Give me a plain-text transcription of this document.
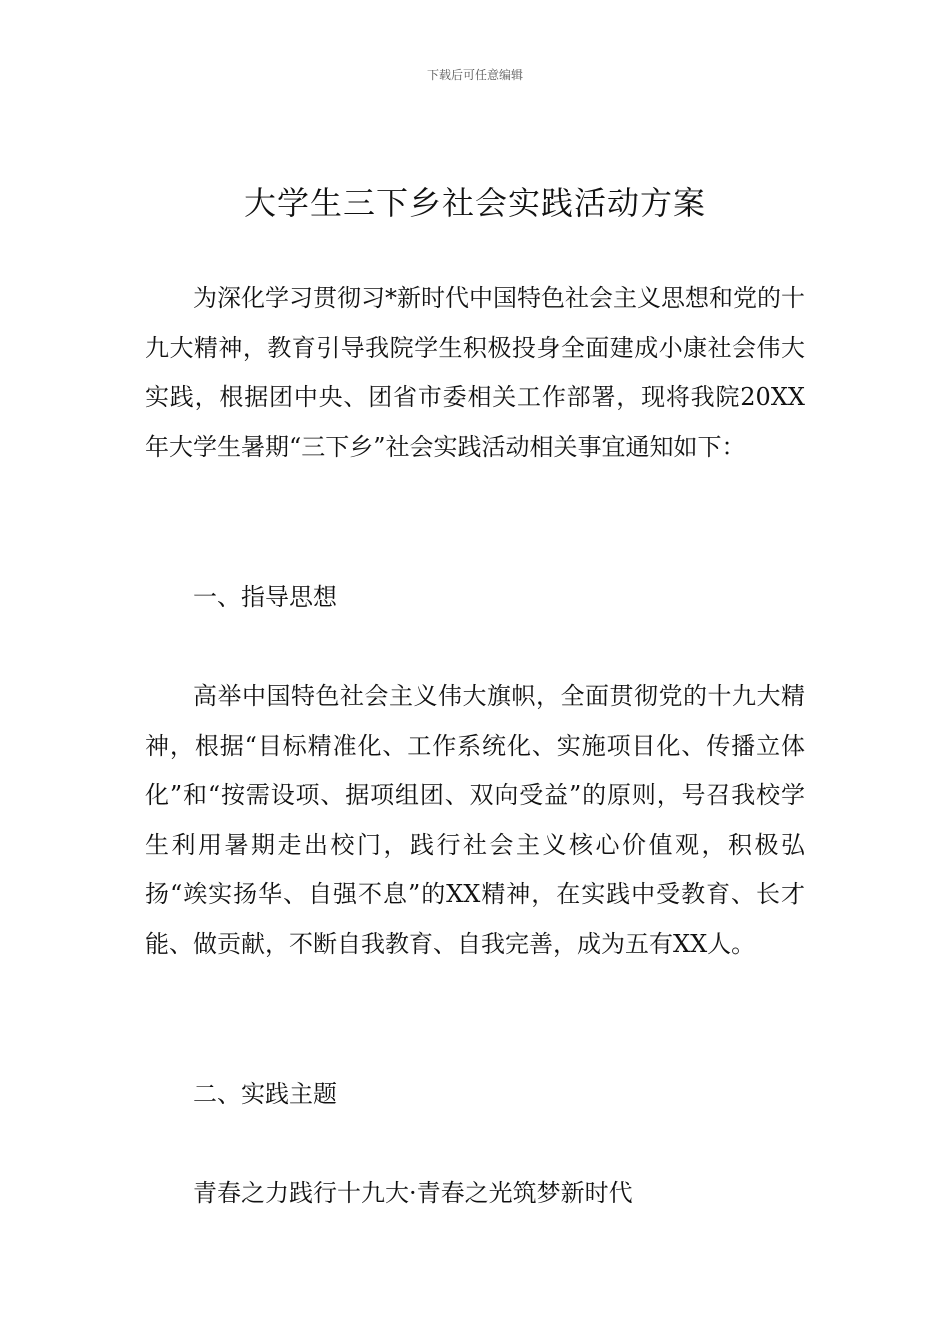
下载后可任意编辑
大学生三下乡社会实践活动方案

为深化学习贯彻习*新时代中国特色社会主义思想和党的十九大精神，教育引导我院学生积极投身全面建成小康社会伟大实践，根据团中央、团省市委相关工作部署，现将我院20XX年大学生暑期“三下乡”社会实践活动相关事宜通知如下：

一、指导思想

高举中国特色社会主义伟大旗帜，全面贯彻党的十九大精神，根据“目标精准化、工作系统化、实施项目化、传播立体化”和“按需设项、据项组团、双向受益”的原则，号召我校学生利用暑期走出校门，践行社会主义核心价值观，积极弘扬“竢实扬华、自强不息”的XX精神，在实践中受教育、长才能、做贡献，不断自我教育、自我完善，成为五有XX人。

二、实践主题

青春之力践行十九大·青春之光筑梦新时代
